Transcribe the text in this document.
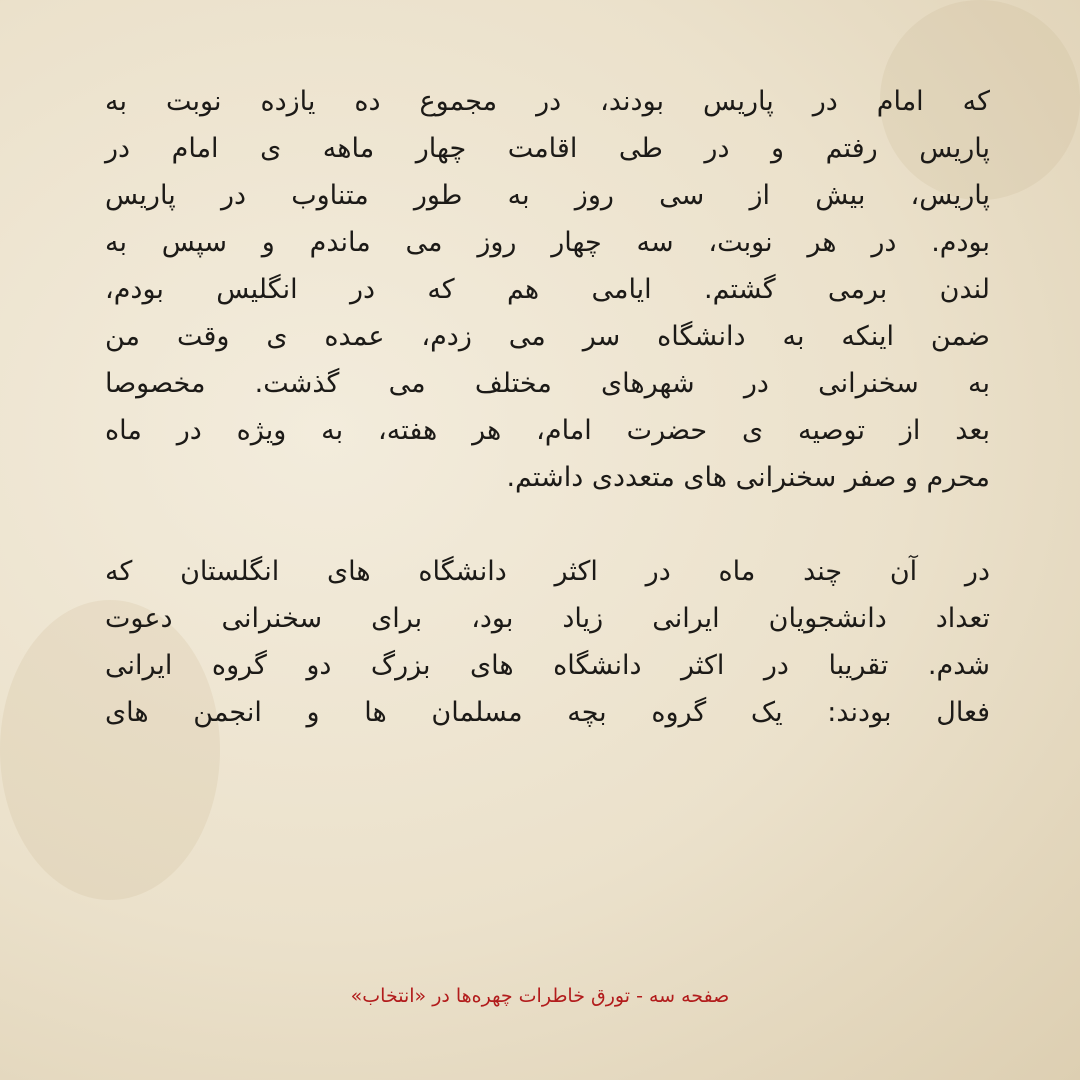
که امام در پاریس بودند، در مجموع ده یازده نوبت به
پاریس رفتم و در طی اقامت چهار ماهه ی امام در
پاریس، بیش از سی روز به طور متناوب در پاریس
بودم. در هر نوبت، سه چهار روز می ماندم و سپس به
لندن برمی گشتم. ایامی هم که در انگلیس بودم،
ضمن اینکه به دانشگاه سر می زدم، عمده ی وقت من
به سخنرانی در شهرهای مختلف می گذشت. مخصوصا
بعد از توصیه ی حضرت امام، هر هفته، به ویژه در ماه
محرم و صفر سخنرانی های متعددی داشتم.
در آن چند ماه در اکثر دانشگاه های انگلستان که
تعداد دانشجویان ایرانی زیاد بود، برای سخنرانی دعوت
شدم. تقریبا در اکثر دانشگاه های بزرگ دو گروه ایرانی
فعال بودند: یک گروه بچه مسلمان ها و انجمن های
صفحه سه - تورق خاطرات چهره‌ها در «انتخاب»
